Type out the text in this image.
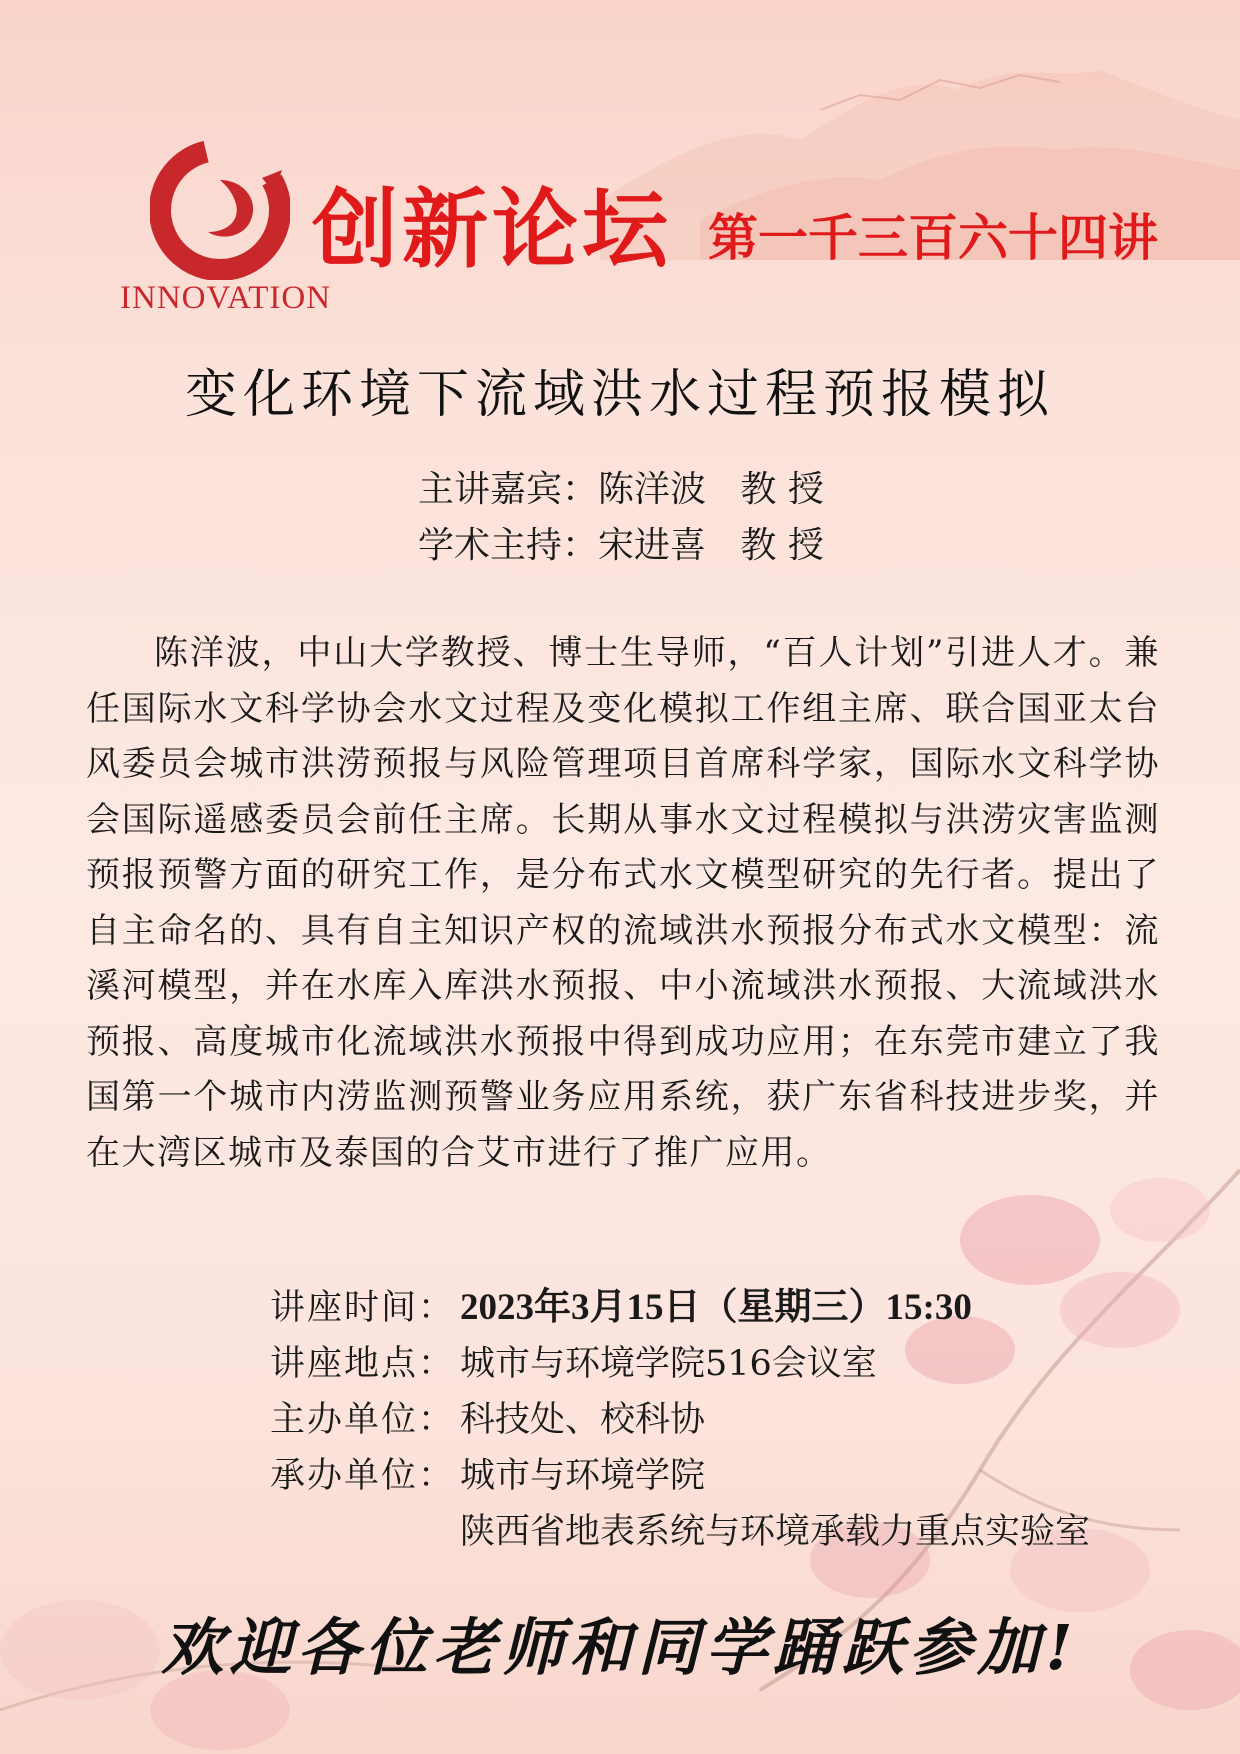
INNOVATION
创新论坛 第一千三百六十四讲
变化环境下流域洪水过程预报模拟
主讲嘉宾：陈洋波 教 授
学术主持：宋进喜 教 授
陈洋波，中山大学教授、博士生导师，“百人计划”引进人才。兼任国际水文科学协会水文过程及变化模拟工作组主席、联合国亚太台风委员会城市洪涝预报与风险管理项目首席科学家，国际水文科学协会国际遥感委员会前任主席。长期从事水文过程模拟与洪涝灾害监测预报预警方面的研究工作，是分布式水文模型研究的先行者。提出了自主命名的、具有自主知识产权的流域洪水预报分布式水文模型：流溪河模型，并在水库入库洪水预报、中小流域洪水预报、大流域洪水预报、高度城市化流域洪水预报中得到成功应用；在东莞市建立了我国第一个城市内涝监测预警业务应用系统，获广东省科技进步奖，并在大湾区城市及泰国的合艾市进行了推广应用。
讲座时间： 2023年3月15日（星期三）15:30
讲座地点： 城市与环境学院516会议室
主办单位： 科技处、校科协
承办单位： 城市与环境学院
陕西省地表系统与环境承载力重点实验室
欢迎各位老师和同学踊跃参加!
